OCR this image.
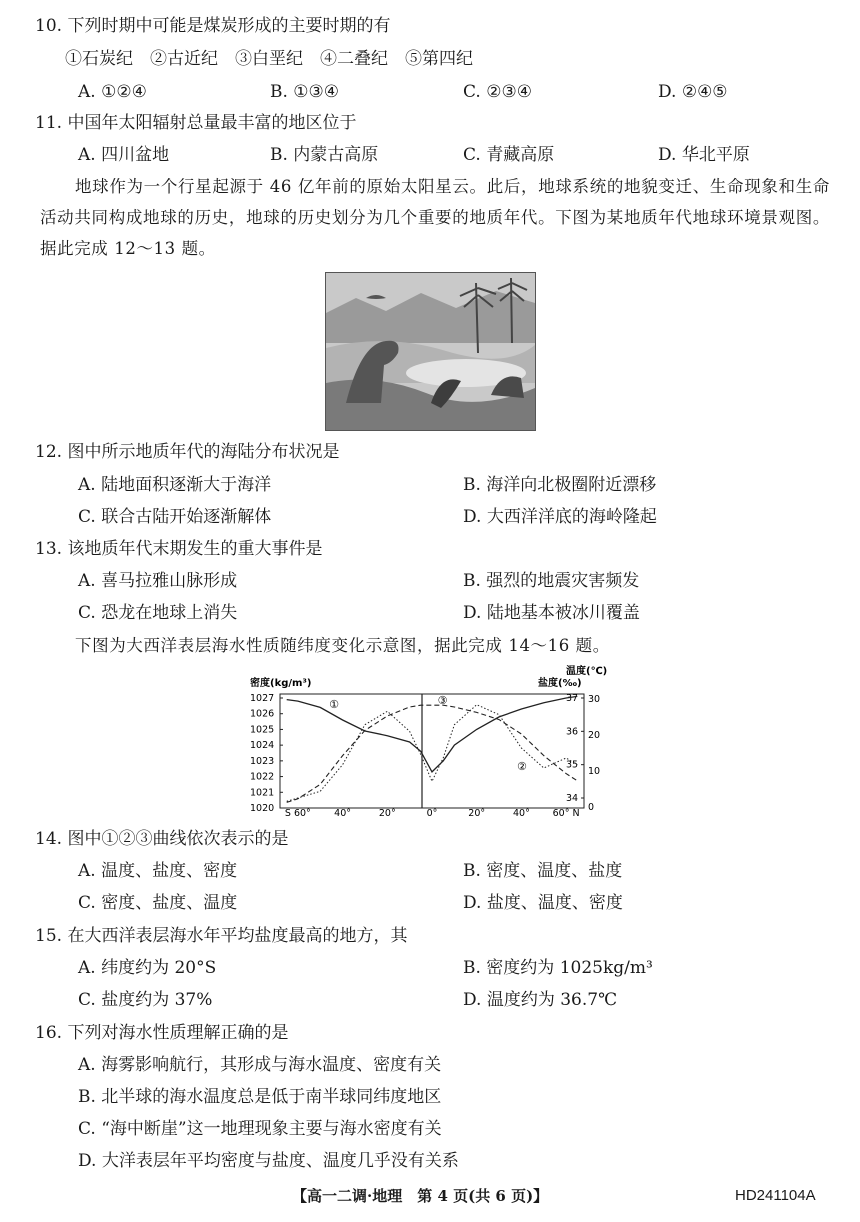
10. 下列时期中可能是煤炭形成的主要时期的有
①石炭纪　②古近纪　③白垩纪　④二叠纪　⑤第四纪
A. ①②④	B. ①③④	C. ②③④	D. ②④⑤
11. 中国年太阳辐射总量最丰富的地区位于
A. 四川盆地	B. 内蒙古高原	C. 青藏高原	D. 华北平原
地球作为一个行星起源于 46 亿年前的原始太阳星云。此后，地球系统的地貌变迁、生命现象和生命活动共同构成地球的历史，地球的历史划分为几个重要的地质年代。下图为某地质年代地球环境景观图。据此完成 12～13 题。
12. 图中所示地质年代的海陆分布状况是
A. 陆地面积逐渐大于海洋	B. 海洋向北极圈附近漂移
C. 联合古陆开始逐渐解体	D. 大西洋洋底的海岭隆起
13. 该地质年代末期发生的重大事件是
A. 喜马拉雅山脉形成	B. 强烈的地震灾害频发
C. 恐龙在地球上消失	D. 陆地基本被冰川覆盖
下图为大西洋表层海水性质随纬度变化示意图，据此完成 14～16 题。
密度(kg/m³)	盐度(‰)
温度(℃)
1027
1026
1025
1024
1023
1022
1021
1020
37
36
35
34
30
20
10
0
S 60° 40°	20°	0°	20°	40° 60° N
①
②
③
14. 图中①②③曲线依次表示的是
A. 温度、盐度、密度	B. 密度、温度、盐度
C. 密度、盐度、温度	D. 盐度、温度、密度
15. 在大西洋表层海水年平均盐度最高的地方，其
A. 纬度约为 20°S	B. 密度约为 1025kg/m³
C. 盐度约为 37%	D. 温度约为 36.7℃
16. 下列对海水性质理解正确的是
A. 海雾影响航行，其形成与海水温度、密度有关
B. 北半球的海水温度总是低于南半球同纬度地区
C. “海中断崖”这一地理现象主要与海水密度有关
D. 大洋表层年平均密度与盐度、温度几乎没有关系
【高一二调·地理　第 4 页(共 6 页)】	HD241104A
